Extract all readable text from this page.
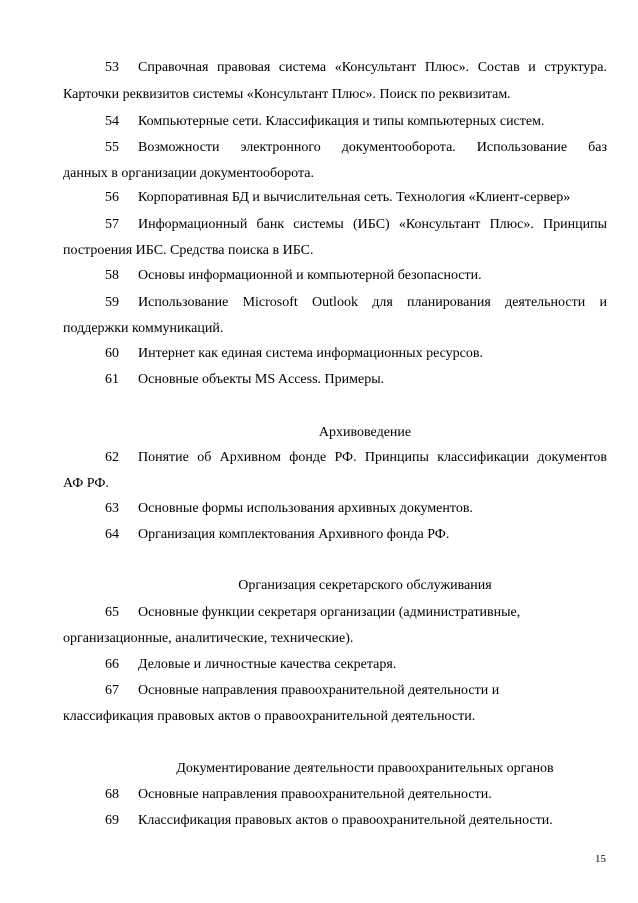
53 Справочная правовая система «Консультант Плюс». Состав и структура.
Карточки реквизитов системы «Консультант Плюс». Поиск по реквизитам.
54 Компьютерные сети. Классификация и типы компьютерных систем.
55 Возможности электронного документооборота. Использование баз
данных в организации документооборота.
56 Корпоративная БД и вычислительная сеть. Технология «Клиент-сервер»
57 Информационный банк системы (ИБС) «Консультант Плюс». Принципы
построения ИБС. Средства поиска в ИБС.
58 Основы информационной и компьютерной безопасности.
59 Использование Microsoft Outlook для планирования деятельности и
поддержки коммуникаций.
60 Интернет как единая система информационных ресурсов.
61 Основные объекты MS Access. Примеры.
Архивоведение
62 Понятие об Архивном фонде РФ. Принципы классификации документов
АФ РФ.
63 Основные формы использования архивных документов.
64 Организация комплектования Архивного фонда РФ.
Организация секретарского обслуживания
65 Основные функции секретаря организации (административные,
организационные, аналитические, технические).
66 Деловые и личностные качества секретаря.
67 Основные направления правоохранительной деятельности и
классификация правовых актов о правоохранительной деятельности.
Документирование деятельности правоохранительных органов
68 Основные направления правоохранительной деятельности.
69 Классификация правовых актов о правоохранительной деятельности.
15
